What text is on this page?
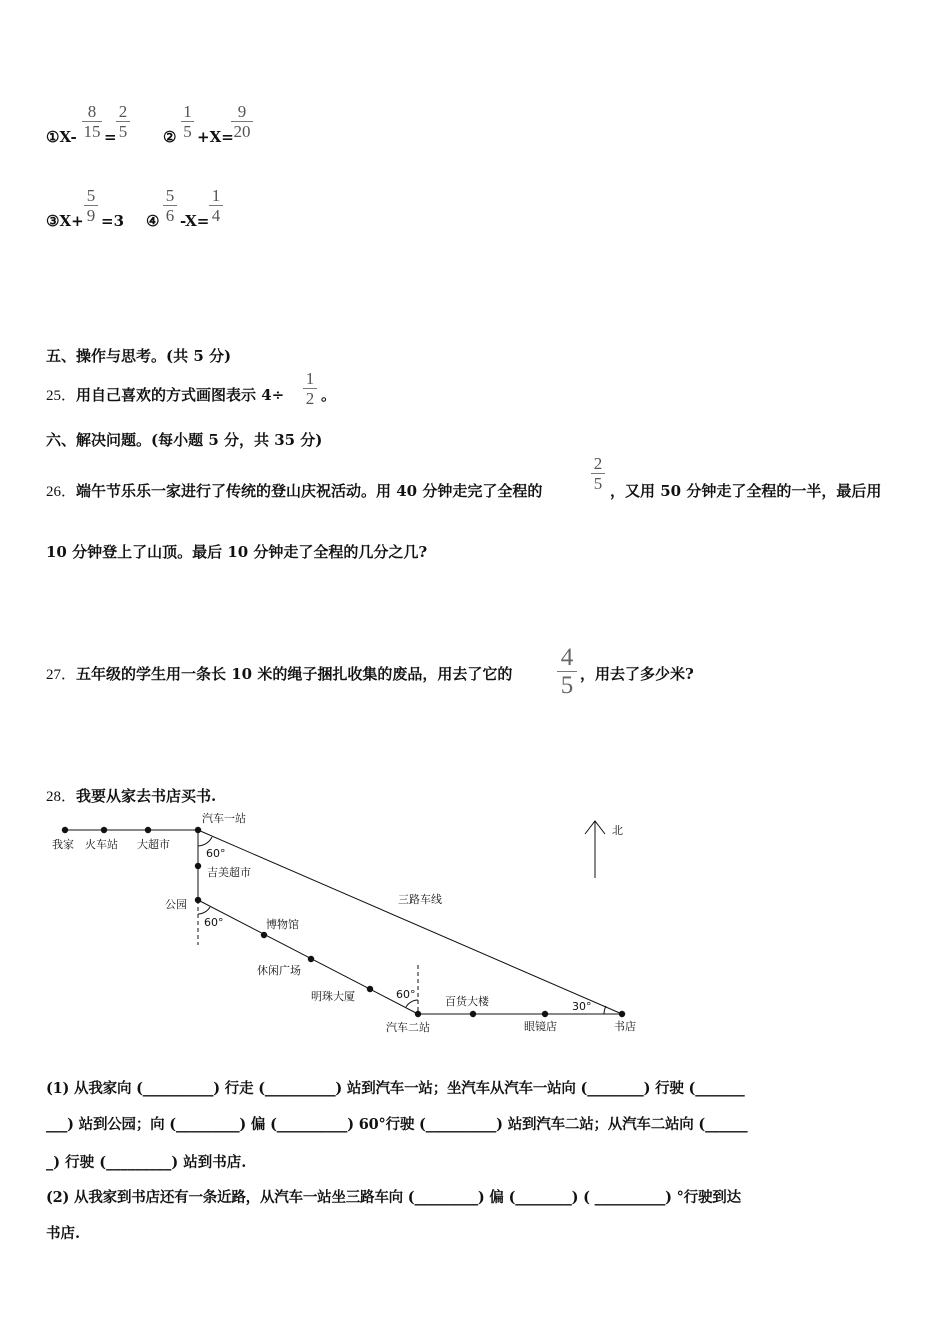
①X-
8
15 =
2
5 ②
1
5 +X=
9
20
③X+
5
9 =3 ④
5
6 -X=
1
4
五、操作与思考。(共 5 分)
25．用自己喜欢的方式画图表示 4÷
1
2 。
六、解决问题。(每小题 5 分，共 35 分)
26．端午节乐乐一家进行了传统的登山庆祝活动。用 40 分钟走完了全程的
2
5 ，又用 50 分钟走了全程的一半，最后用
10 分钟登上了山顶。最后 10 分钟走了全程的几分之几?
27．五年级的学生用一条长 10 米的绳子捆扎收集的废品，用去了它的
4
5 ，用去了多少米?
28．我要从家去书店买书.
北
我家 火车站 大超市
汽车一站
吉美超市
公园
博物馆
休闲广场
明珠大厦
汽车二站
百货大楼
眼镜店	书店
三路车线
60°
60°
60°
30°
(1) 从我家向 (__________) 行走 (__________) 站到汽车一站；坐汽车从汽车一站向 (________) 行驶 (_______
___) 站到公园；向 (_________) 偏 (__________) 60°行驶 (__________) 站到汽车二站；从汽车二站向 (______
_) 行驶 (_________) 站到书店.
(2) 从我家到书店还有一条近路，从汽车一站坐三路车向 (_________) 偏 (________) ( __________) °行驶到达
书店.
